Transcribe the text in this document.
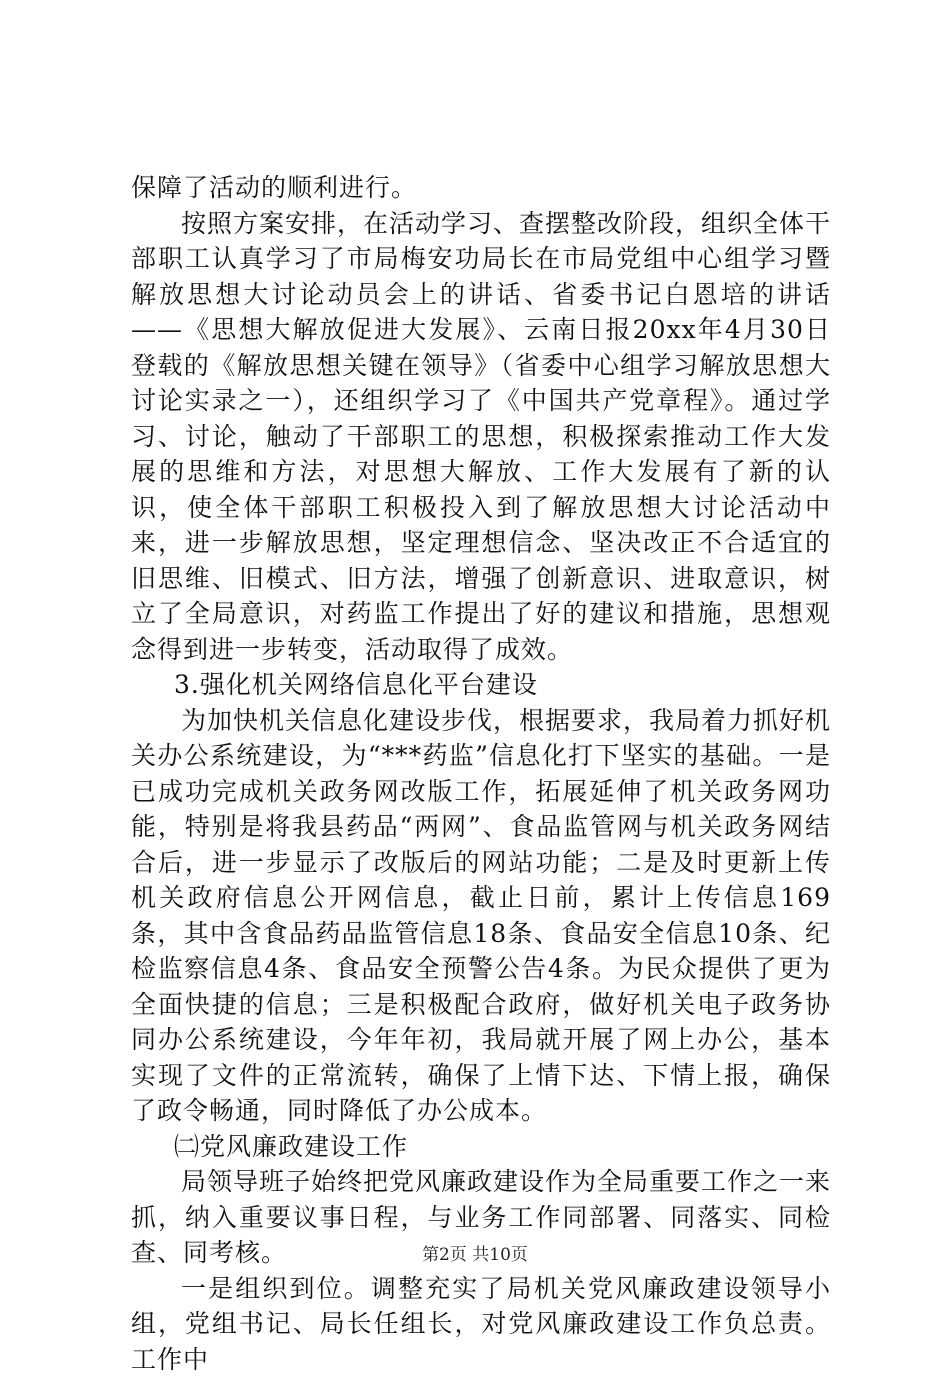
保障了活动的顺利进行。

按照方案安排，在活动学习、查摆整改阶段，组织全体干部职工认真学习了市局梅安功局长在市局党组中心组学习暨解放思想大讨论动员会上的讲话、省委书记白恩培的讲话——《思想大解放促进大发展》、云南日报20xx年4月30日登载的《解放思想关键在领导》（省委中心组学习解放思想大讨论实录之一），还组织学习了《中国共产党章程》。通过学习、讨论，触动了干部职工的思想，积极探索推动工作大发展的思维和方法，对思想大解放、工作大发展有了新的认识，使全体干部职工积极投入到了解放思想大讨论活动中来，进一步解放思想，坚定理想信念、坚决改正不合适宜的旧思维、旧模式、旧方法，增强了创新意识、进取意识，树立了全局意识，对药监工作提出了好的建议和措施，思想观念得到进一步转变，活动取得了成效。

3.强化机关网络信息化平台建设

为加快机关信息化建设步伐，根据要求，我局着力抓好机关办公系统建设，为“***药监”信息化打下坚实的基础。一是已成功完成机关政务网改版工作，拓展延伸了机关政务网功能，特别是将我县药品“两网”、食品监管网与机关政务网结合后，进一步显示了改版后的网站功能；二是及时更新上传机关政府信息公开网信息，截止日前，累计上传信息169条，其中含食品药品监管信息18条、食品安全信息10条、纪检监察信息4条、食品安全预警公告4条。为民众提供了更为全面快捷的信息；三是积极配合政府，做好机关电子政务协同办公系统建设，今年年初，我局就开展了网上办公，基本实现了文件的正常流转，确保了上情下达、下情上报，确保了政令畅通，同时降低了办公成本。

㈡党风廉政建设工作

局领导班子始终把党风廉政建设作为全局重要工作之一来抓，纳入重要议事日程，与业务工作同部署、同落实、同检查、同考核。

一是组织到位。调整充实了局机关党风廉政建设领导小组，党组书记、局长任组长，对党风廉政建设工作负总责。工作中

第2页 共10页
